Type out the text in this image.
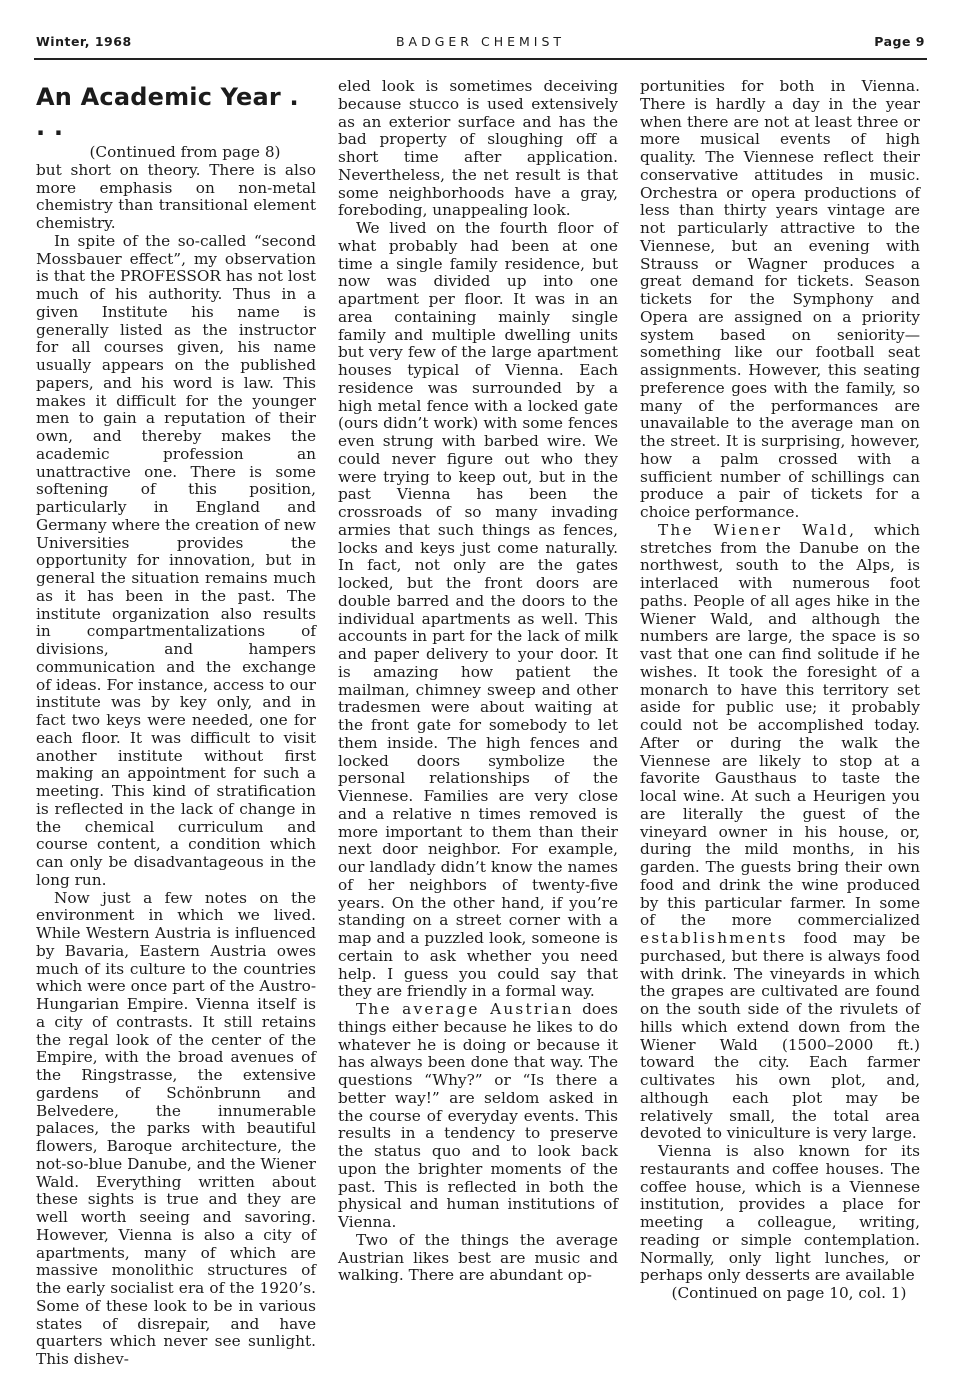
Winter, 1968	BADGER CHEMIST	Page 9
An Academic Year . . .

(Continued from page 8)

but short on theory. There is also more emphasis on non-metal chemistry than transitional element chemistry.

In spite of the so-called “second Mossbauer effect”, my observation is that the PROFESSOR has not lost much of his authority. Thus in a given Institute his name is generally listed as the instructor for all courses given, his name usually appears on the published papers, and his word is law. This makes it difficult for the younger men to gain a reputation of their own, and thereby makes the academic profession an unattractive one. There is some softening of this position, particularly in England and Germany where the creation of new Universities provides the opportunity for innovation, but in general the situation remains much as it has been in the past. The institute organization also results in compartmentalizations of divisions, and hampers communication and the exchange of ideas. For instance, access to our institute was by key only, and in fact two keys were needed, one for each floor. It was difficult to visit another institute without first making an appointment for such a meeting. This kind of stratification is reflected in the lack of change in the chemical curriculum and course content, a condition which can only be disadvantageous in the long run.

Now just a few notes on the environment in which we lived. While Western Austria is influenced by Bavaria, Eastern Austria owes much of its culture to the countries which were once part of the Austro-Hungarian Empire. Vienna itself is a city of contrasts. It still retains the regal look of the center of the Empire, with the broad avenues of the Ringstrasse, the extensive gardens of Schönbrunn and Belvedere, the innumerable palaces, the parks with beautiful flowers, Baroque architecture, the not-so-blue Danube, and the Wiener Wald. Everything written about these sights is true and they are well worth seeing and savoring. However, Vienna is also a city of apartments, many of which are massive monolithic structures of the early socialist era of the 1920’s. Some of these look to be in various states of disrepair, and have quarters which never see sunlight. This dishev-

eled look is sometimes deceiving because stucco is used extensively as an exterior surface and has the bad property of sloughing off a short time after application. Nevertheless, the net result is that some neighborhoods have a gray, foreboding, unappealing look.

We lived on the fourth floor of what probably had been at one time a single family residence, but now was divided up into one apartment per floor. It was in an area containing mainly single family and multiple dwelling units but very few of the large apartment houses typical of Vienna. Each residence was surrounded by a high metal fence with a locked gate (ours didn’t work) with some fences even strung with barbed wire. We could never figure out who they were trying to keep out, but in the past Vienna has been the crossroads of so many invading armies that such things as fences, locks and keys just come naturally. In fact, not only are the gates locked, but the front doors are double barred and the doors to the individual apartments as well. This accounts in part for the lack of milk and paper delivery to your door. It is amazing how patient the mailman, chimney sweep and other tradesmen were about waiting at the front gate for somebody to let them inside. The high fences and locked doors symbolize the personal relationships of the Viennese. Families are very close and a relative n times removed is more important to them than their next door neighbor. For example, our landlady didn’t know the names of her neighbors of twenty-five years. On the other hand, if you’re standing on a street corner with a map and a puzzled look, someone is certain to ask whether you need help. I guess you could say that they are friendly in a formal way.

The average Austrian does things either because he likes to do whatever he is doing or because it has always been done that way. The questions “Why?” or “Is there a better way!” are seldom asked in the course of everyday events. This results in a tendency to preserve the status quo and to look back upon the brighter moments of the past. This is reflected in both the physical and human institutions of Vienna.

Two of the things the average Austrian likes best are music and walking. There are abundant op-

portunities for both in Vienna. There is hardly a day in the year when there are not at least three or more musical events of high quality. The Viennese reflect their conservative attitudes in music. Orchestra or opera productions of less than thirty years vintage are not particularly attractive to the Viennese, but an evening with Strauss or Wagner produces a great demand for tickets. Season tickets for the Symphony and Opera are assigned on a priority system based on seniority—something like our football seat assignments. However, this seating preference goes with the family, so many of the performances are unavailable to the average man on the street. It is surprising, however, how a palm crossed with a sufficient number of schillings can produce a pair of tickets for a choice performance.

The Wiener Wald, which stretches from the Danube on the northwest, south to the Alps, is interlaced with numerous foot paths. People of all ages hike in the Wiener Wald, and although the numbers are large, the space is so vast that one can find solitude if he wishes. It took the foresight of a monarch to have this territory set aside for public use; it probably could not be accomplished today. After or during the walk the Viennese are likely to stop at a favorite Gausthaus to taste the local wine. At such a Heurigen you are literally the guest of the vineyard owner in his house, or, during the mild months, in his garden. The guests bring their own food and drink the wine produced by this particular farmer. In some of the more commercialized establishments food may be purchased, but there is always food with drink. The vineyards in which the grapes are cultivated are found on the south side of the rivulets of hills which extend down from the Wiener Wald (1500–2000 ft.) toward the city. Each farmer cultivates his own plot, and, although each plot may be relatively small, the total area devoted to viniculture is very large.

Vienna is also known for its restaurants and coffee houses. The coffee house, which is a Viennese institution, provides a place for meeting a colleague, writing, reading or simple contemplation. Normally, only light lunches, or perhaps only desserts are available

(Continued on page 10, col. 1)
